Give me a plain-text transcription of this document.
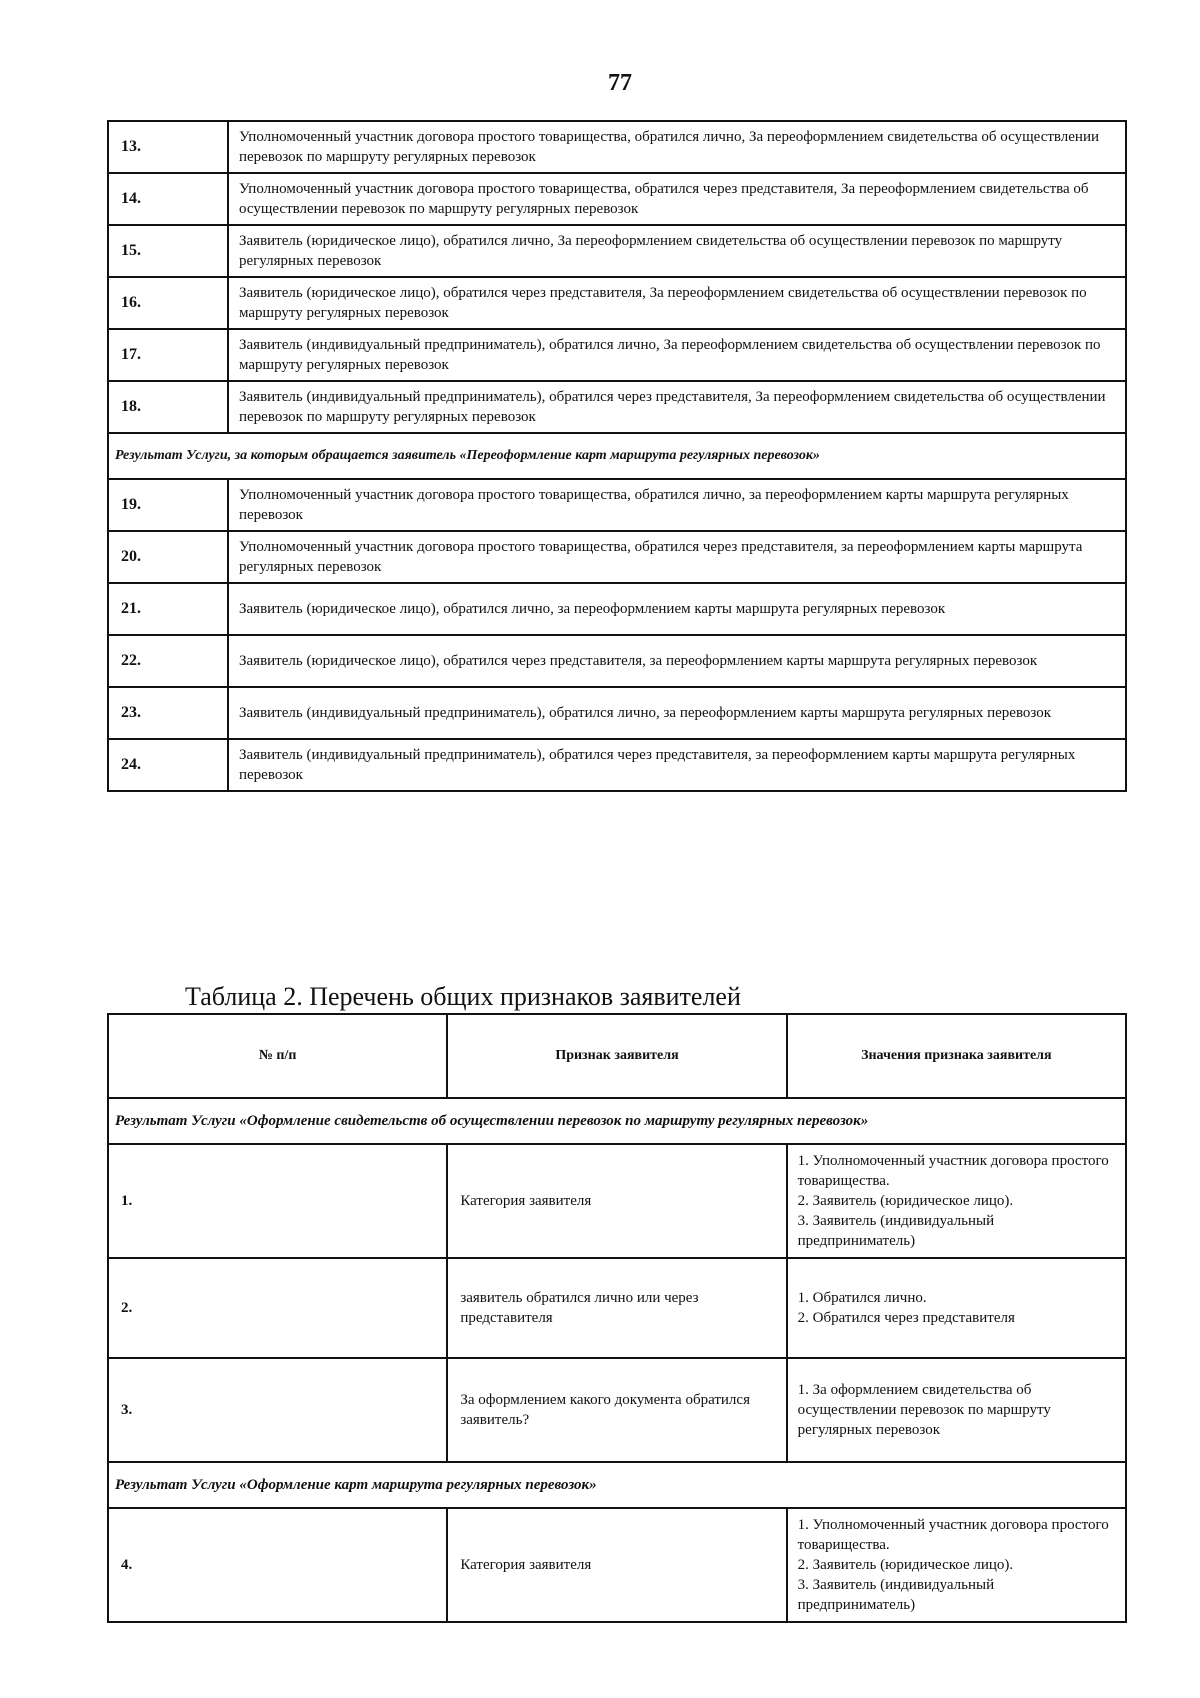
77
13.	Уполномоченный участник договора простого товарищества, обратился лично, За переоформлением свидетельства об осуществлении перевозок по маршруту регулярных перевозок
14.	Уполномоченный участник договора простого товарищества, обратился через представителя, За переоформлением свидетельства об осуществлении перевозок по маршруту регулярных перевозок
15.	Заявитель (юридическое лицо), обратился лично, За переоформлением свидетельства об осуществлении перевозок по маршруту регулярных перевозок
16.	Заявитель (юридическое лицо), обратился через представителя, За переоформлением свидетельства об осуществлении перевозок по маршруту регулярных перевозок
17.	Заявитель (индивидуальный предприниматель), обратился лично, За переоформлением свидетельства об осуществлении перевозок по маршруту регулярных перевозок
18.	Заявитель (индивидуальный предприниматель), обратился через представителя, За переоформлением свидетельства об осуществлении перевозок по маршруту регулярных перевозок
Результат Услуги, за которым обращается заявитель «Переоформление карт маршрута регулярных перевозок»	
19.	Уполномоченный участник договора простого товарищества, обратился лично, за переоформлением карты маршрута регулярных перевозок
20.	Уполномоченный участник договора простого товарищества, обратился через представителя, за переоформлением карты маршрута регулярных перевозок
21.	Заявитель (юридическое лицо), обратился лично, за переоформлением карты маршрута регулярных перевозок
22.	Заявитель (юридическое лицо), обратился через представителя, за переоформлением карты маршрута регулярных перевозок
23.	Заявитель (индивидуальный предприниматель), обратился лично, за переоформлением карты маршрута регулярных перевозок
24.	Заявитель (индивидуальный предприниматель), обратился через представителя, за переоформлением карты маршрута регулярных перевозок
Таблица 2. Перечень общих признаков заявителей
№ п/п	Признак заявителя	Значения признака заявителя
Результат Услуги «Оформление свидетельств об осуществлении перевозок по маршруту регулярных перевозок»		
1.	Категория заявителя	1. Уполномоченный участник договора простого товарищества.
2. Заявитель (юридическое лицо).
3. Заявитель (индивидуальный предприниматель)

2.	заявитель обратился лично или через представителя	1. Обратился лично.
2. Обратился через представителя

3.	За оформлением какого документа обратился заявитель?	1. За оформлением свидетельства об осуществлении перевозок по маршруту регулярных перевозок

Результат Услуги «Оформление карт маршрута регулярных перевозок»		
4.	Категория заявителя	1. Уполномоченный участник договора простого товарищества.
2. Заявитель (юридическое лицо).
3. Заявитель (индивидуальный предприниматель)
